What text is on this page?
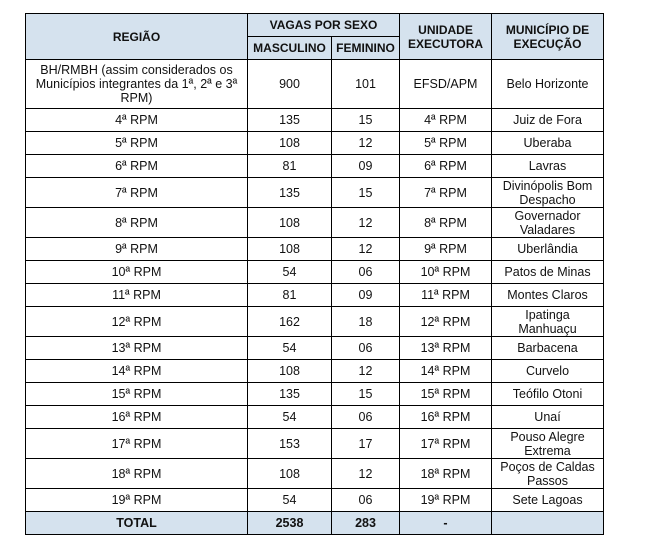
REGIÃO	VAGAS POR SEXO		UNIDADE EXECUTORA	MUNICÍPIO DE EXECUÇÃO
	MASCULINO	FEMININO		
BH/RMBH (assim considerados os Municípios integrantes da 1ª, 2ª e 3ª RPM)	900	101	EFSD/APM	Belo Horizonte
4ª RPM	135	15	4ª RPM	Juiz de Fora
5ª RPM	108	12	5ª RPM	Uberaba
6ª RPM	81	09	6ª RPM	Lavras
7ª RPM	135	15	7ª RPM	Divinópolis Bom Despacho
8ª RPM	108	12	8ª RPM	Governador Valadares
9ª RPM	108	12	9ª RPM	Uberlândia
10ª RPM	54	06	10ª RPM	Patos de Minas
11ª RPM	81	09	11ª RPM	Montes Claros
12ª RPM	162	18	12ª RPM	Ipatinga Manhuaçu
13ª RPM	54	06	13ª RPM	Barbacena
14ª RPM	108	12	14ª RPM	Curvelo
15ª RPM	135	15	15ª RPM	Teófilo Otoni
16ª RPM	54	06	16ª RPM	Unaí
17ª RPM	153	17	17ª RPM	Pouso Alegre Extrema
18ª RPM	108	12	18ª RPM	Poços de Caldas Passos
19ª RPM	54	06	19ª RPM	Sete Lagoas
TOTAL	2538	283	-	
